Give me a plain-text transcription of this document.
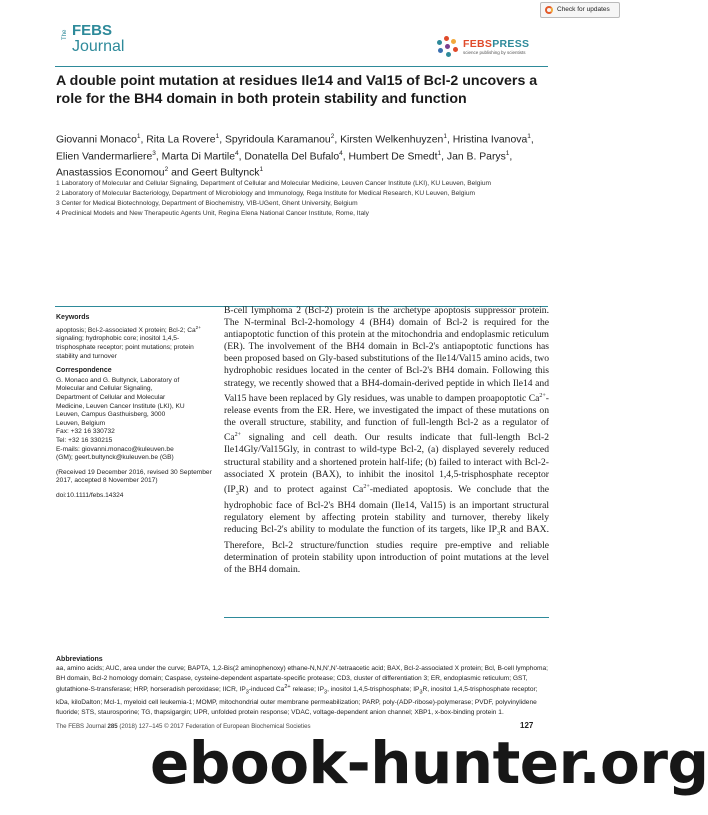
Check for updates
The FEBS
Journal	FEBSPRESS
science publishing by scientists
A double point mutation at residues Ile14 and Val15 of Bcl-2 uncovers a role for the BH4 domain in both protein stability and function
Giovanni Monaco$^1$, Rita La Rovere$^1$, Spyridoula Karamanou$^2$, Kirsten Welkenhuyzen$^1$, Hristina Ivanova$^1$, Elien Vandermarliere$^3$, Marta Di Martile$^4$, Donatella Del Bufalo$^4$, Humbert De Smedt$^1$, Jan B. Parys$^1$, Anastassios Economou$^2$ and Geert Bultynck$^1$

1 Laboratory of Molecular and Cellular Signaling, Department of Cellular and Molecular Medicine, Leuven Cancer Institute (LKI), KU Leuven, Belgium

2 Laboratory of Molecular Bacteriology, Department of Microbiology and Immunology, Rega Institute for Medical Research, KU Leuven, Belgium

3 Center for Medical Biotechnology, Department of Biochemistry, VIB-UGent, Ghent University, Belgium

4 Preclinical Models and New Therapeutic Agents Unit, Regina Elena National Cancer Institute, Rome, Italy

Keywords

apoptosis; Bcl-2-associated X protein; Bcl-2; $Ca^{2+}$ signaling; hydrophobic core; inositol 1,4,5-trisphosphate receptor; point mutations; protein stability and turnover

Correspondence

G. Monaco and G. Bultynck, Laboratory of
Molecular and Cellular Signaling,
Department of Cellular and Molecular
Medicine, Leuven Cancer Institute (LKI), KU
Leuven, Campus Gasthuisberg, 3000
Leuven, Belgium
Fax: +32 16 330732
Tel: +32 16 330215
E-mails: giovanni.monaco@kuleuven.be
(GM); geert.bultynck@kuleuven.be (GB)

(Received 19 December 2016, revised 30 September 2017, accepted 8 November 2017)

doi:10.1111/febs.14324

B-cell lymphoma 2 (Bcl-2) protein is the archetype apoptosis suppressor protein. The N-terminal Bcl-2-homology 4 (BH4) domain of Bcl-2 is required for the antiapoptotic function of this protein at the mitochondria and endoplasmic reticulum (ER). The involvement of the BH4 domain in Bcl-2's antiapoptotic functions has been proposed based on Gly-based substitutions of the Ile14/Val15 amino acids, two hydrophobic residues located in the center of Bcl-2's BH4 domain. Following this strategy, we recently showed that a BH4-domain-derived peptide in which Ile14 and Val15 have been replaced by Gly residues, was unable to dampen proapoptotic $Ca^{2+}$-release events from the ER. Here, we investigated the impact of these mutations on the overall structure, stability, and function of full-length Bcl-2 as a regulator of $Ca^{2+}$ signaling and cell death. Our results indicate that full-length Bcl-2 Ile14Gly/Val15Gly, in contrast to wild-type Bcl-2, (a) displayed severely reduced structural stability and a shortened protein half-life; (b) failed to interact with Bcl-2-associated X protein (BAX), to inhibit the inositol 1,4,5-trisphosphate receptor $(IP_3R)$ and to protect against $Ca^{2+}$-mediated apoptosis. We conclude that the hydrophobic face of Bcl-2's BH4 domain (Ile14, Val15) is an important structural regulatory element by affecting protein stability and turnover, thereby likely reducing Bcl-2's ability to modulate the function of its targets, like $IP_3R$ and BAX. Therefore, Bcl-2 structure/function studies require pre-emptive and reliable determination of protein stability upon introduction of point mutations at the level of the BH4 domain.

Abbreviations

aa, amino acids; AUC, area under the curve; BAPTA, 1,2-Bis(2 aminophenoxy) ethane-N,N,N',N'-tetraacetic acid; BAX, Bcl-2-associated X protein; Bcl, B-cell lymphoma; BH domain, Bcl-2 homology domain; Caspase, cysteine-dependent aspartate-specific protease; CD3, cluster of differentiation 3; ER, endoplasmic reticulum; GST, glutathione-S-transferase; HRP, horseradish peroxidase; IICR, $IP_3$-induced $Ca^{2+}$ release; $IP_3$, inositol 1,4,5-trisphosphate; $IP_3R$, inositol 1,4,5-trisphosphate receptor; kDa, kiloDalton; Mcl-1, myeloid cell leukemia-1; MOMP, mitochondrial outer membrane permeabilization; PARP, poly-(ADP-ribose)-polymerase; PVDF, polyvinylidene fluoride; STS, staurosporine; TG, thapsigargin; UPR, unfolded protein response; VDAC, voltage-dependent anion channel; XBP1, x-box-binding protein 1.

The FEBS Journal 285 (2018) 127–145 © 2017 Federation of European Biochemical Societies	127
ebook-hunter.org
